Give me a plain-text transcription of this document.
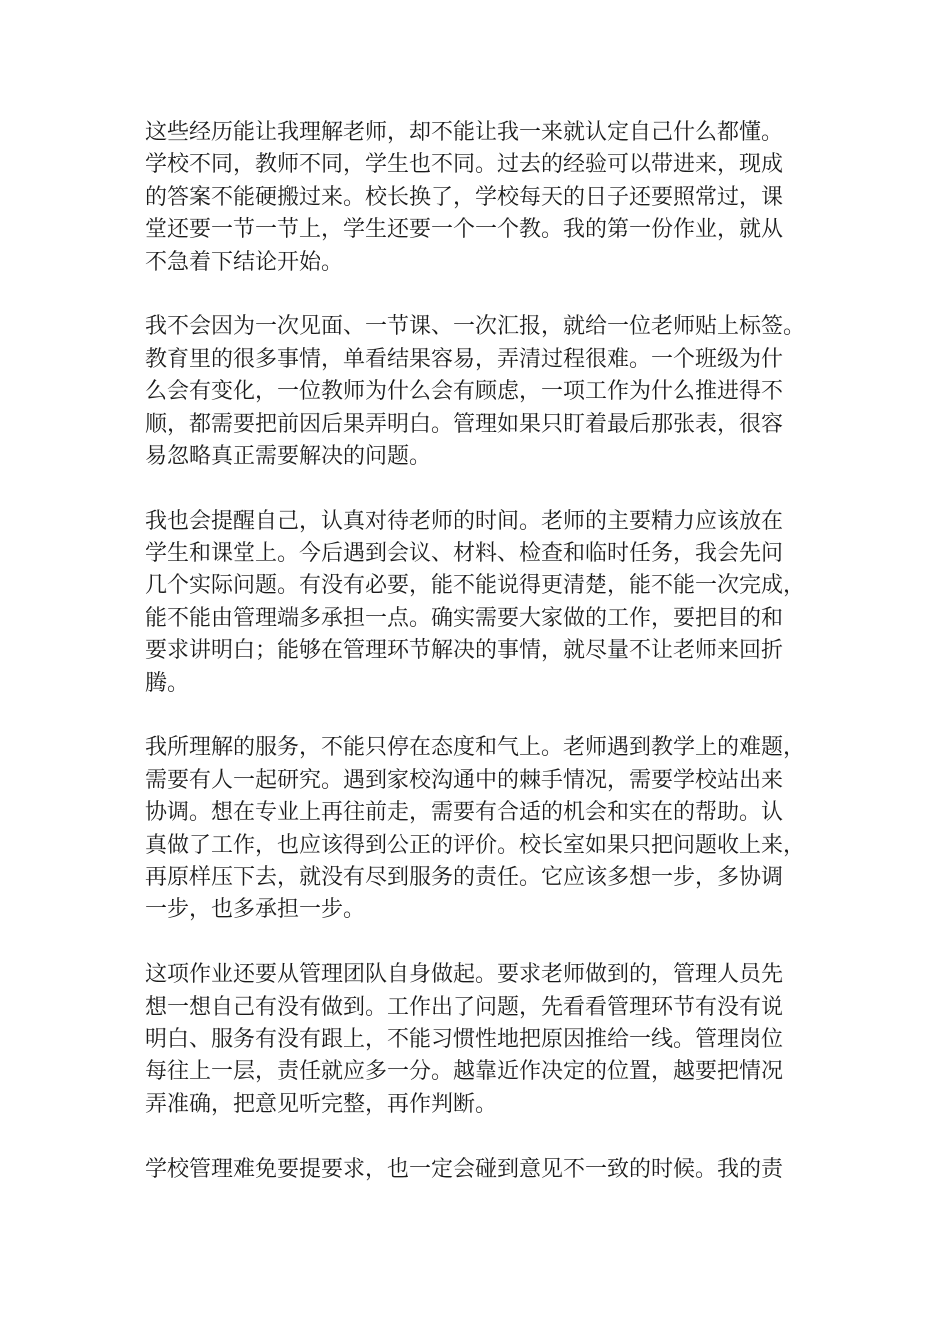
这些经历能让我理解老师，却不能让我一来就认定自己什么都懂。
学校不同，教师不同，学生也不同。过去的经验可以带进来，现成
的答案不能硬搬过来。校长换了，学校每天的日子还要照常过，课
堂还要一节一节上，学生还要一个一个教。我的第一份作业，就从
不急着下结论开始。

我不会因为一次见面、一节课、一次汇报，就给一位老师贴上标签。
教育里的很多事情，单看结果容易，弄清过程很难。一个班级为什
么会有变化，一位教师为什么会有顾虑，一项工作为什么推进得不
顺，都需要把前因后果弄明白。管理如果只盯着最后那张表，很容
易忽略真正需要解决的问题。

我也会提醒自己，认真对待老师的时间。老师的主要精力应该放在
学生和课堂上。今后遇到会议、材料、检查和临时任务，我会先问
几个实际问题。有没有必要，能不能说得更清楚，能不能一次完成，
能不能由管理端多承担一点。确实需要大家做的工作，要把目的和
要求讲明白；能够在管理环节解决的事情，就尽量不让老师来回折
腾。

我所理解的服务，不能只停在态度和气上。老师遇到教学上的难题，
需要有人一起研究。遇到家校沟通中的棘手情况，需要学校站出来
协调。想在专业上再往前走，需要有合适的机会和实在的帮助。认
真做了工作，也应该得到公正的评价。校长室如果只把问题收上来，
再原样压下去，就没有尽到服务的责任。它应该多想一步，多协调
一步，也多承担一步。

这项作业还要从管理团队自身做起。要求老师做到的，管理人员先
想一想自己有没有做到。工作出了问题，先看看管理环节有没有说
明白、服务有没有跟上，不能习惯性地把原因推给一线。管理岗位
每往上一层，责任就应多一分。越靠近作决定的位置，越要把情况
弄准确，把意见听完整，再作判断。

学校管理难免要提要求，也一定会碰到意见不一致的时候。我的责
